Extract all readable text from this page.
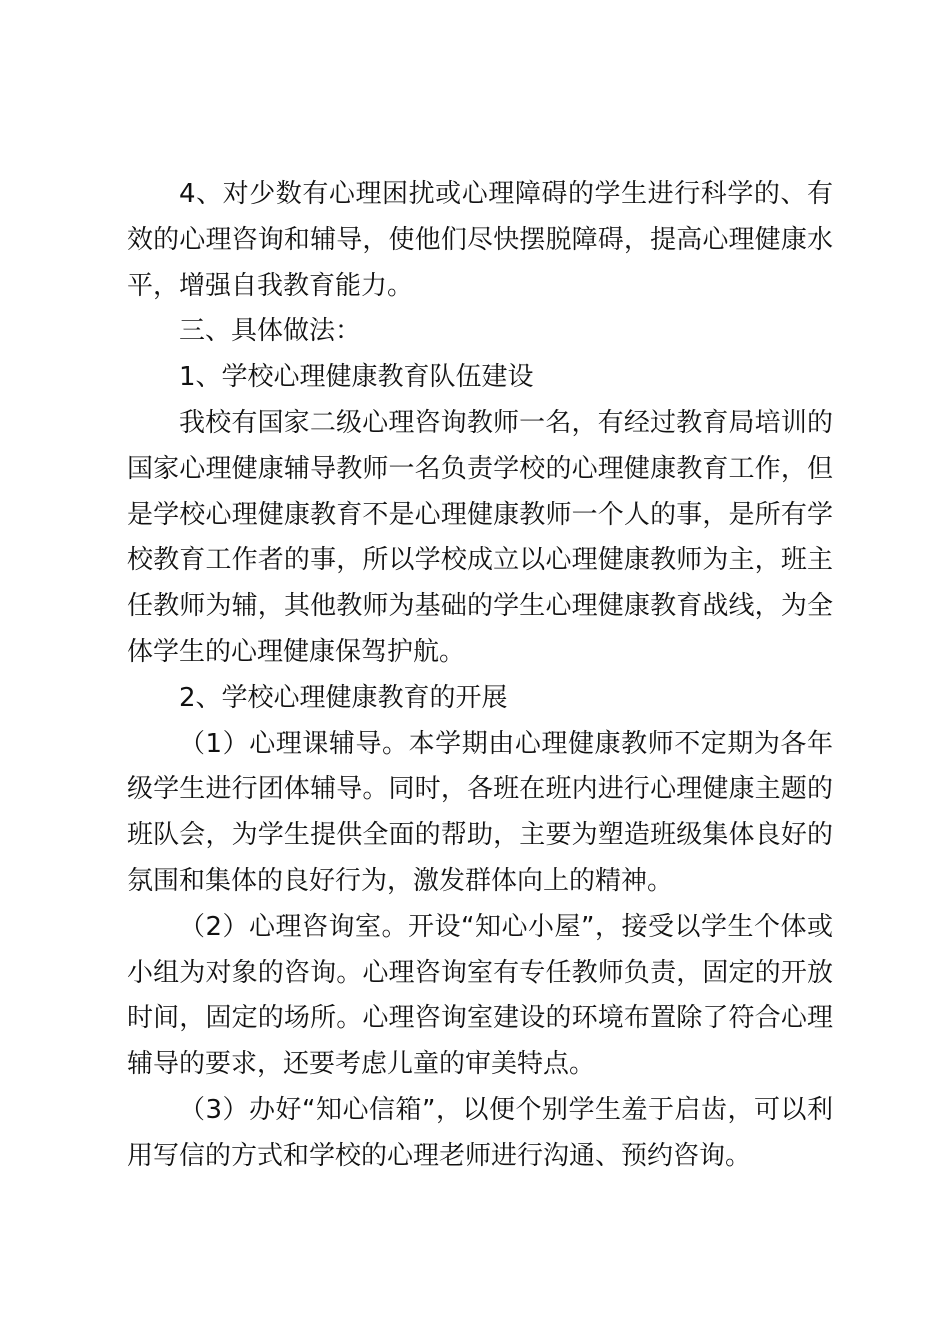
4、对少数有心理困扰或心理障碍的学生进行科学的、有效的心理咨询和辅导，使他们尽快摆脱障碍，提高心理健康水平，增强自我教育能力。

三、具体做法：

1、学校心理健康教育队伍建设

我校有国家二级心理咨询教师一名，有经过教育局培训的国家心理健康辅导教师一名负责学校的心理健康教育工作，但是学校心理健康教育不是心理健康教师一个人的事，是所有学校教育工作者的事，所以学校成立以心理健康教师为主，班主任教师为辅，其他教师为基础的学生心理健康教育战线，为全体学生的心理健康保驾护航。

2、学校心理健康教育的开展

（1）心理课辅导。本学期由心理健康教师不定期为各年级学生进行团体辅导。同时，各班在班内进行心理健康主题的班队会，为学生提供全面的帮助，主要为塑造班级集体良好的氛围和集体的良好行为，激发群体向上的精神。

（2）心理咨询室。开设“知心小屋”，接受以学生个体或小组为对象的咨询。心理咨询室有专任教师负责，固定的开放时间，固定的场所。心理咨询室建设的环境布置除了符合心理辅导的要求，还要考虑儿童的审美特点。

（3）办好“知心信箱”，以便个别学生羞于启齿，可以利用写信的方式和学校的心理老师进行沟通、预约咨询。
